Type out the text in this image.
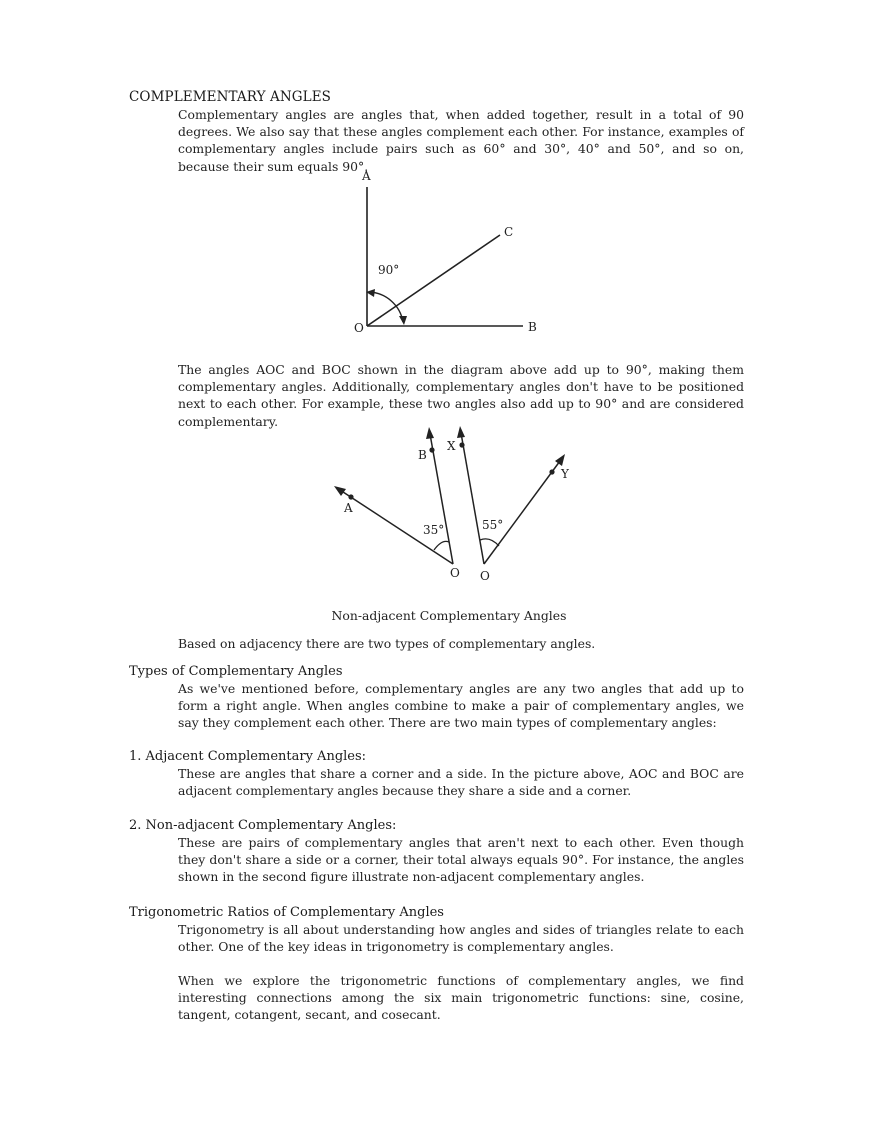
COMPLEMENTARY ANGLES
Complementary angles are angles that, when added together, result in a total of 90 degrees. We also say that these angles complement each other. For instance, examples of complementary angles include pairs such as 60° and 30°, 40° and 50°, and so on, because their sum equals 90°.
A
C
90°
O	B
The angles AOC and BOC shown in the diagram above add up to 90°, making them complementary angles. Additionally, complementary angles don't have to be positioned next to each other. For example, these two angles also add up to 90° and are considered complementary.
A
B
35°
O
X
Y
55°
O
Non-adjacent Complementary Angles
Based on adjacency there are two types of complementary angles.
Types of Complementary Angles
As we've mentioned before, complementary angles are any two angles that add up to form a right angle. When angles combine to make a pair of complementary angles, we say they complement each other. There are two main types of complementary angles:
1. Adjacent Complementary Angles:
These are angles that share a corner and a side. In the picture above, AOC and BOC are adjacent complementary angles because they share a side and a corner.
2. Non-adjacent Complementary Angles:
These are pairs of complementary angles that aren't next to each other. Even though they don't share a side or a corner, their total always equals 90°. For instance, the angles shown in the second figure illustrate non-adjacent complementary angles.
Trigonometric Ratios of Complementary Angles
Trigonometry is all about understanding how angles and sides of triangles relate to each other. One of the key ideas in trigonometry is complementary angles.
When we explore the trigonometric functions of complementary angles, we find interesting connections among the six main trigonometric functions: sine, cosine, tangent, cotangent, secant, and cosecant.
